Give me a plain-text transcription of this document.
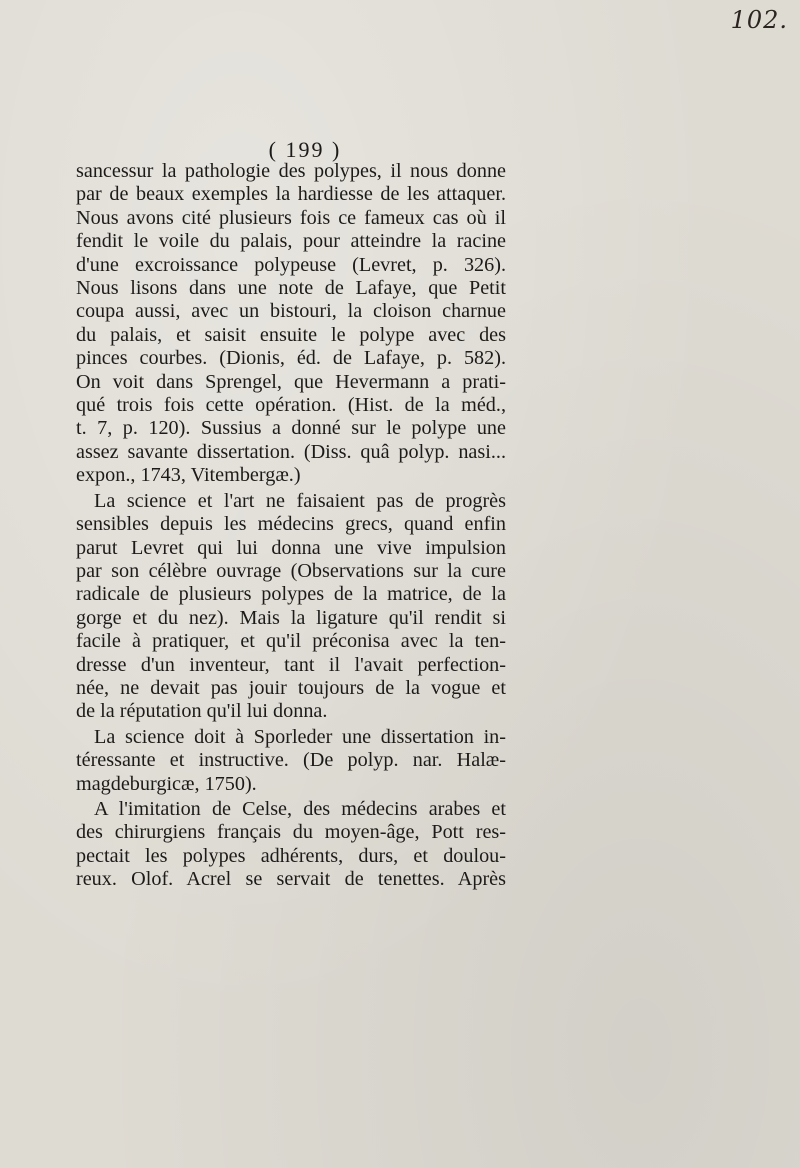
102.
( 199 )

sancessur la pathologie des polypes, il nous donne
par de beaux exemples la hardiesse de les attaquer.
Nous avons cité plusieurs fois ce fameux cas où il
fendit le voile du palais, pour atteindre la racine
d'une excroissance polypeuse (Levret, p. 326).
Nous lisons dans une note de Lafaye, que Petit
coupa aussi, avec un bistouri, la cloison charnue
du palais, et saisit ensuite le polype avec des
pinces courbes. (Dionis, éd. de Lafaye, p. 582).
On voit dans Sprengel, que Hevermann a prati-
qué trois fois cette opération. (Hist. de la méd.,
t. 7, p. 120). Sussius a donné sur le polype une
assez savante dissertation. (Diss. quâ polyp. nasi...
expon., 1743, Vitembergæ.)

La science et l'art ne faisaient pas de progrès
sensibles depuis les médecins grecs, quand enfin
parut Levret qui lui donna une vive impulsion
par son célèbre ouvrage (Observations sur la cure
radicale de plusieurs polypes de la matrice, de la
gorge et du nez). Mais la ligature qu'il rendit si
facile à pratiquer, et qu'il préconisa avec la ten-
dresse d'un inventeur, tant il l'avait perfection-
née, ne devait pas jouir toujours de la vogue et
de la réputation qu'il lui donna.

La science doit à Sporleder une dissertation in-
téressante et instructive. (De polyp. nar. Halæ-
magdeburgicæ, 1750).

A l'imitation de Celse, des médecins arabes et
des chirurgiens français du moyen-âge, Pott res-
pectait les polypes adhérents, durs, et doulou-
reux. Olof. Acrel se servait de tenettes. Après
